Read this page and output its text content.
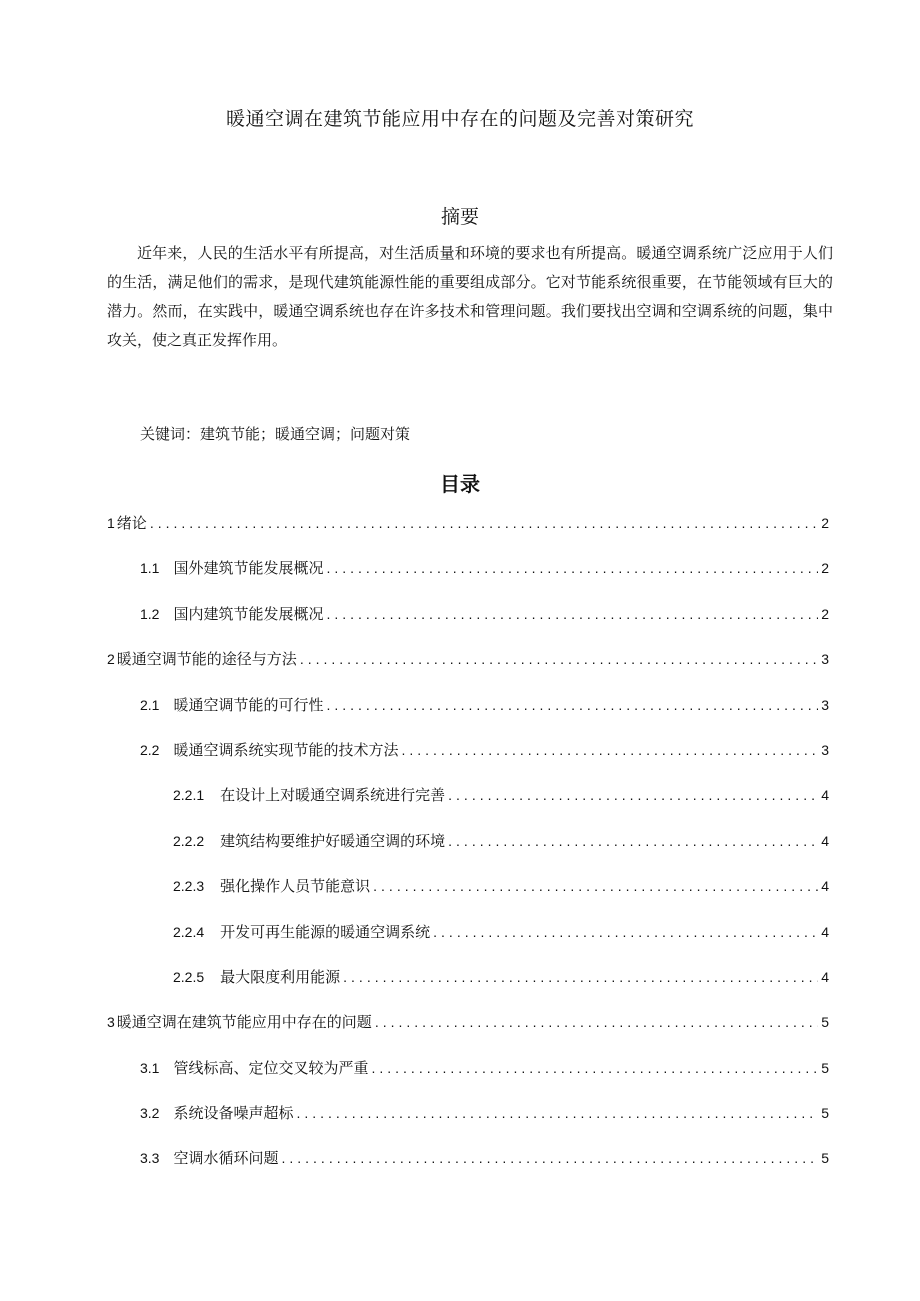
暖通空调在建筑节能应用中存在的问题及完善对策研究
摘要

近年来，人民的生活水平有所提高，对生活质量和环境的要求也有所提高。暖通空调系统广泛应用于人们的生活，满足他们的需求，是现代建筑能源性能的重要组成部分。它对节能系统很重要，在节能领域有巨大的潜力。然而，在实践中，暖通空调系统也存在许多技术和管理问题。我们要找出空调和空调系统的问题，集中攻关，使之真正发挥作用。

关键词：建筑节能；暖通空调；问题对策
目录
1 绪论 .....	2
1.1 国外建筑节能发展概况 .....	2
1.2 国内建筑节能发展概况 .....	2
2 暖通空调节能的途径与方法 .....	3
2.1 暖通空调节能的可行性 .....	3
2.2 暖通空调系统实现节能的技术方法 .....	3
2.2.1 在设计上对暖通空调系统进行完善 .....	4
2.2.2 建筑结构要维护好暖通空调的环境 .....	4
2.2.3 强化操作人员节能意识 .....	4
2.2.4 开发可再生能源的暖通空调系统 .....	4
2.2.5 最大限度利用能源 .....	4
3 暖通空调在建筑节能应用中存在的问题 .....	5
3.1 管线标高、定位交叉较为严重 .....	5
3.2 系统设备噪声超标 .....	5
3.3 空调水循环问题 .....	5
